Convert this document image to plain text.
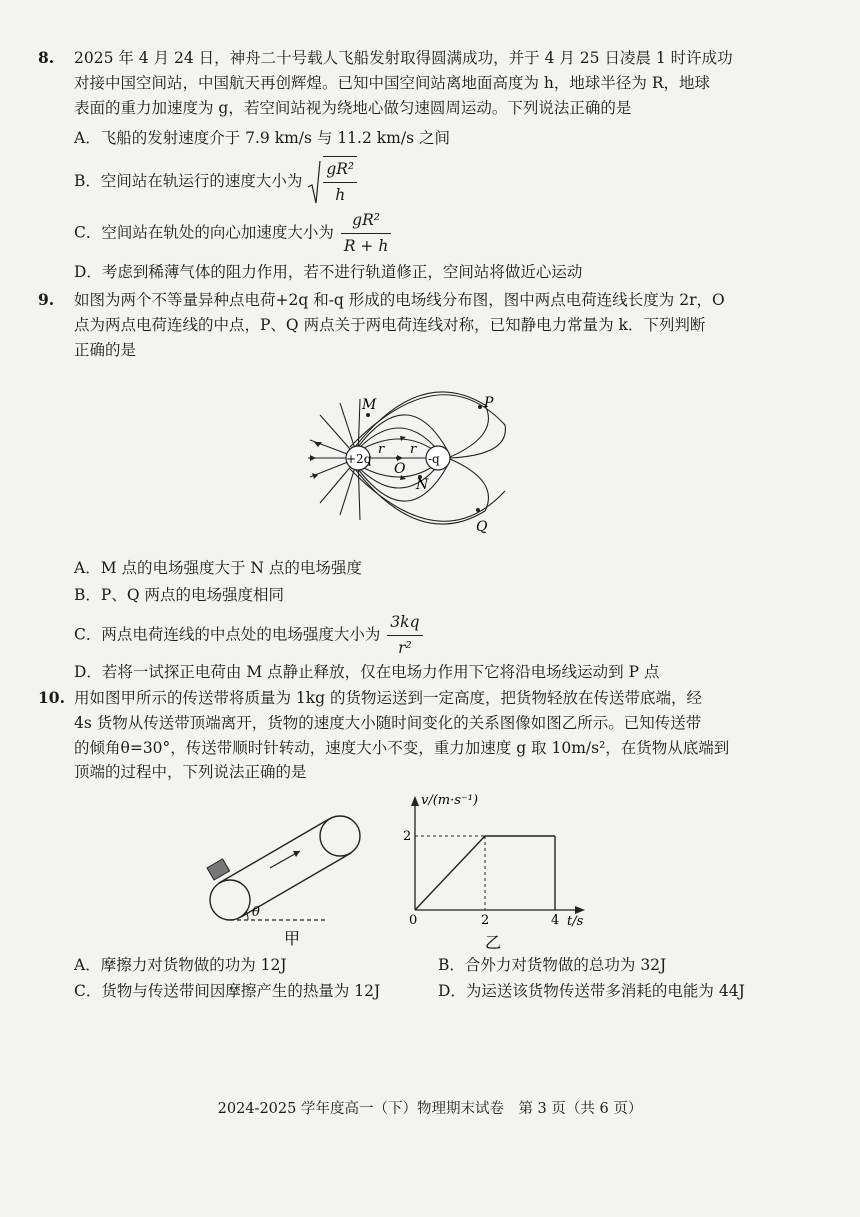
8. 2025 年 4 月 24 日，神舟二十号载人飞船发射取得圆满成功，并于 4 月 25 日凌晨 1 时许成功
对接中国空间站，中国航天再创辉煌。已知中国空间站离地面高度为 h，地球半径为 R，地球
表面的重力加速度为 g，若空间站视为绕地心做匀速圆周运动。下列说法正确的是
A．飞船的发射速度介于 7.9 km/s 与 11.2 km/s 之间
B．空间站在轨运行的速度大小为 $\frac{\text{gR²}}{h}$
C．空间站在轨处的向心加速度大小为 $\frac{\text{gR²}}{R + h}$
D．考虑到稀薄气体的阻力作用，若不进行轨道修正，空间站将做近心运动
9. 如图为两个不等量异种点电荷+2q 和-q 形成的电场线分布图，图中两点电荷连线长度为 2r，O
点为两点电荷连线的中点，P、Q 两点关于两电荷连线对称，已知静电力常量为 k．下列判断
正确的是
+2q	-q
M	P
N
O
Q
r r
A．M 点的电场强度大于 N 点的电场强度
B．P、Q 两点的电场强度相同
C．两点电荷连线的中点处的电场强度大小为 $\frac{3kq}{\text{r²}}$
D．若将一试探正电荷由 M 点静止释放，仅在电场力作用下它将沿电场线运动到 P 点
10. 用如图甲所示的传送带将质量为 1kg 的货物运送到一定高度，把货物轻放在传送带底端，经
4s 货物从传送带顶端离开，货物的速度大小随时间变化的关系图像如图乙所示。已知传送带
的倾角θ=30°，传送带顺时针转动，速度大小不变，重力加速度 g 取 10m/s²，在货物从底端到
顶端的过程中，下列说法正确的是
θ
甲
v/(m·s⁻¹)
t/s
0	2	4
2
乙
A．摩擦力对货物做的功为 12J	B．合外力对货物做的总功为 32J
C．货物与传送带间因摩擦产生的热量为 12J	D．为运送该货物传送带多消耗的电能为 44J
2024-2025 学年度高一（下）物理期末试卷　第 3 页（共 6 页）
